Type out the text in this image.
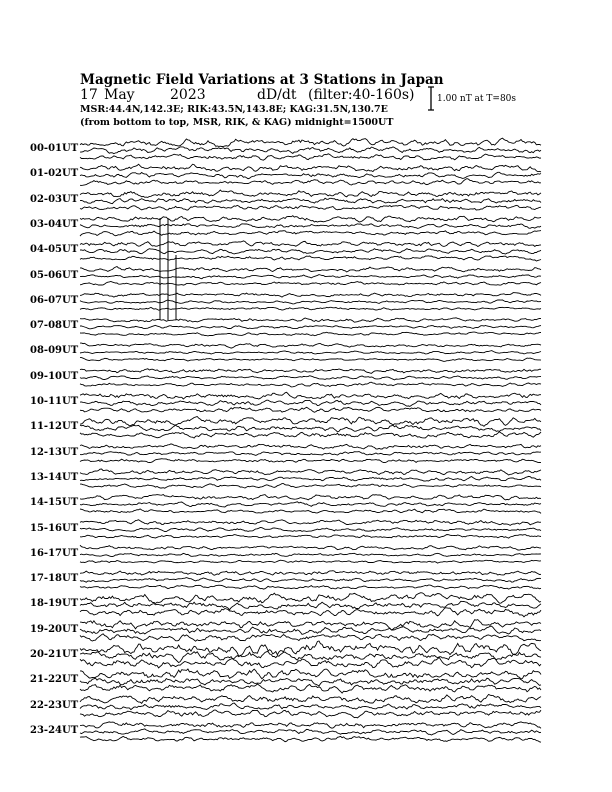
Magnetic Field Variations at 3 Stations in Japan
17 May	2023	dD/dt (filter:40-160s)
MSR:44.4N,142.3E; RIK:43.5N,143.8E; KAG:31.5N,130.7E
(from bottom to top, MSR, RIK, & KAG) midnight=1500UT
1.00 nT at T=80s
00-01UT
01-02UT
02-03UT
03-04UT
04-05UT
05-06UT
06-07UT
07-08UT
08-09UT
09-10UT
10-11UT
11-12UT
12-13UT
13-14UT
14-15UT
15-16UT
16-17UT
17-18UT
18-19UT
19-20UT
20-21UT
21-22UT
22-23UT
23-24UT
